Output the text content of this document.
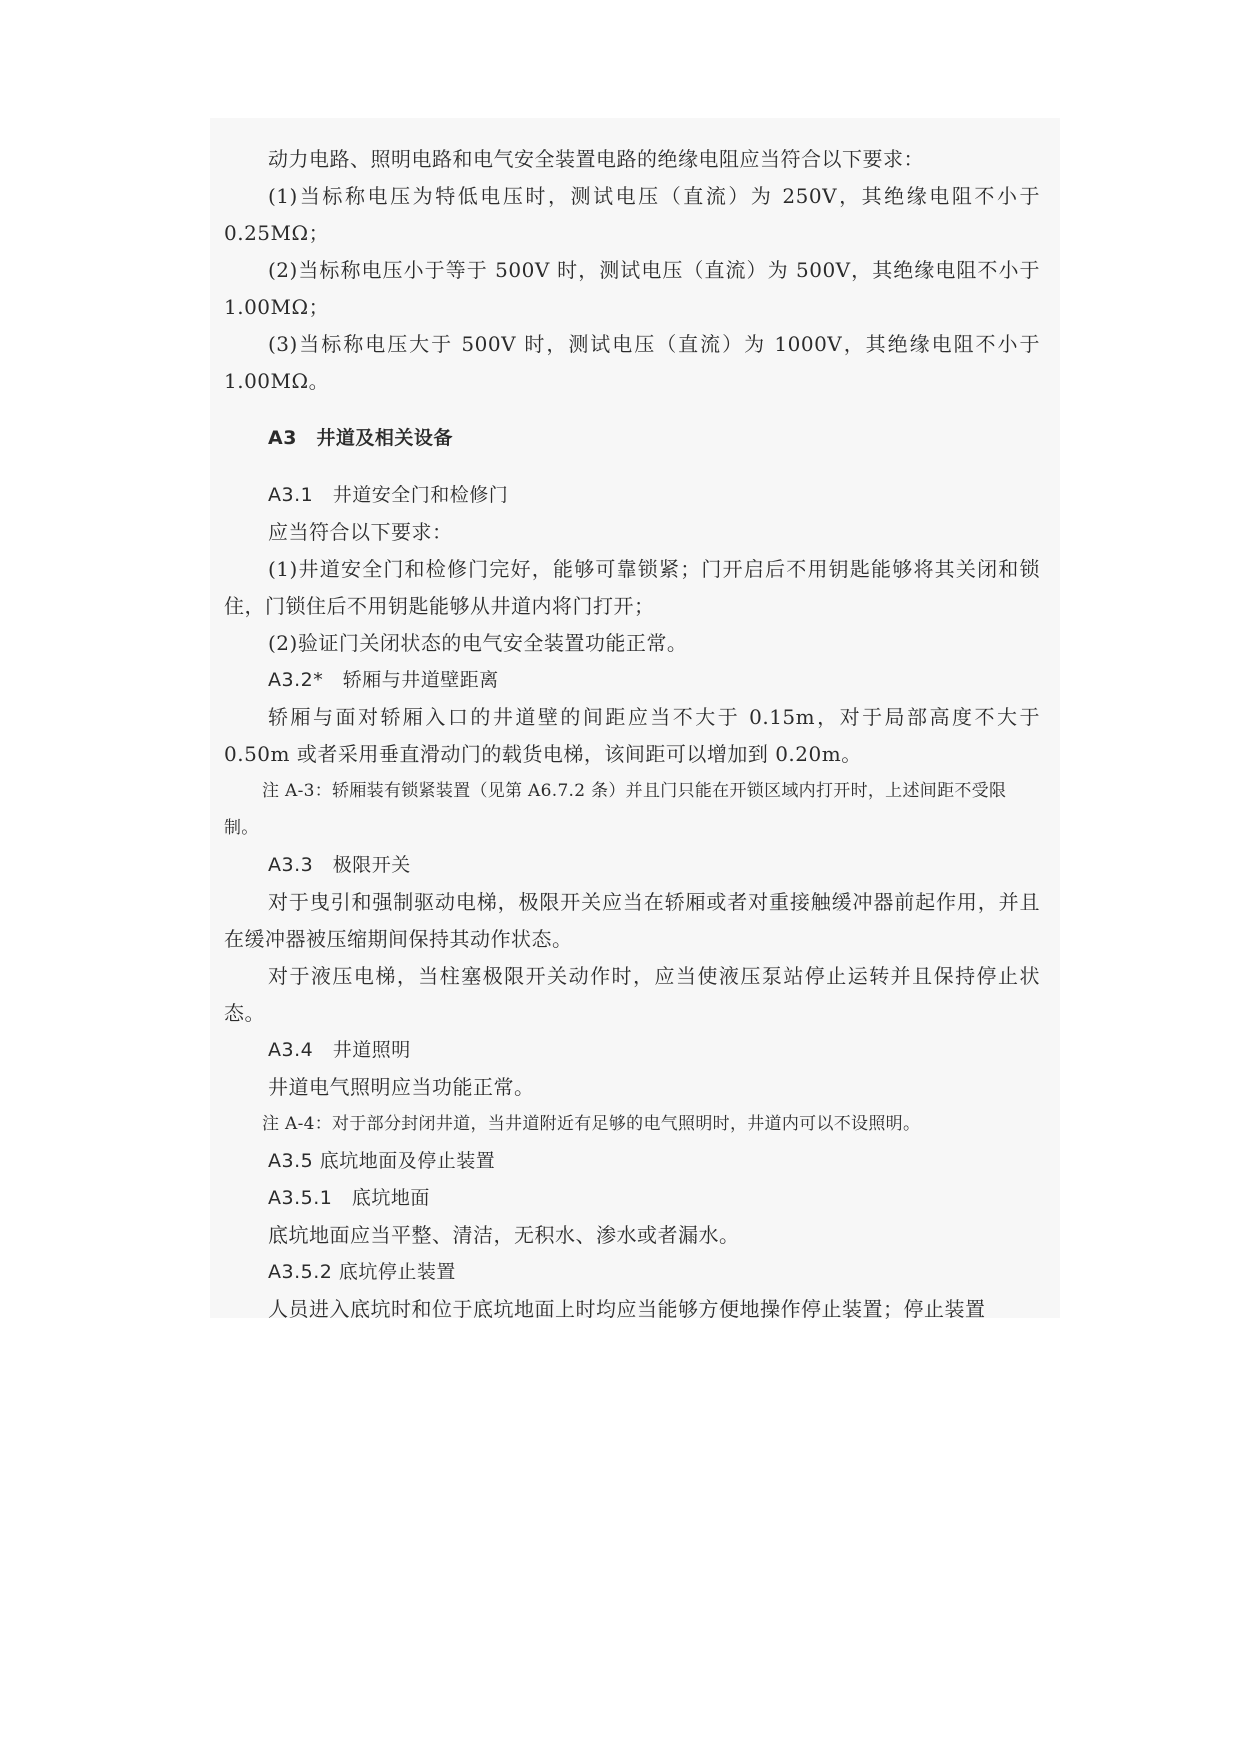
动力电路、照明电路和电气安全装置电路的绝缘电阻应当符合以下要求：

(1)当标称电压为特低电压时，测试电压（直流）为 250V，其绝缘电阻不小于 0.25MΩ；

(2)当标称电压小于等于 500V 时，测试电压（直流）为 500V，其绝缘电阻不小于 1.00MΩ；

(3)当标称电压大于 500V 时，测试电压（直流）为 1000V，其绝缘电阻不小于 1.00MΩ。

A3　井道及相关设备

A3.1　井道安全门和检修门

应当符合以下要求：

(1)井道安全门和检修门完好，能够可靠锁紧；门开启后不用钥匙能够将其关闭和锁住，门锁住后不用钥匙能够从井道内将门打开；

(2)验证门关闭状态的电气安全装置功能正常。

A3.2*　轿厢与井道壁距离

轿厢与面对轿厢入口的井道壁的间距应当不大于 0.15m，对于局部高度不大于 0.50m 或者采用垂直滑动门的载货电梯，该间距可以增加到 0.20m。

注 A-3：轿厢装有锁紧装置（见第 A6.7.2 条）并且门只能在开锁区域内打开时，上述间距不受限制。

A3.3　极限开关

对于曳引和强制驱动电梯，极限开关应当在轿厢或者对重接触缓冲器前起作用，并且在缓冲器被压缩期间保持其动作状态。

对于液压电梯，当柱塞极限开关动作时，应当使液压泵站停止运转并且保持停止状态。

A3.4　井道照明

井道电气照明应当功能正常。

注 A-4：对于部分封闭井道，当井道附近有足够的电气照明时，井道内可以不设照明。

A3.5 底坑地面及停止装置

A3.5.1　底坑地面

底坑地面应当平整、清洁，无积水、渗水或者漏水。

A3.5.2 底坑停止装置

人员进入底坑时和位于底坑地面上时均应当能够方便地操作停止装置；停止装置
